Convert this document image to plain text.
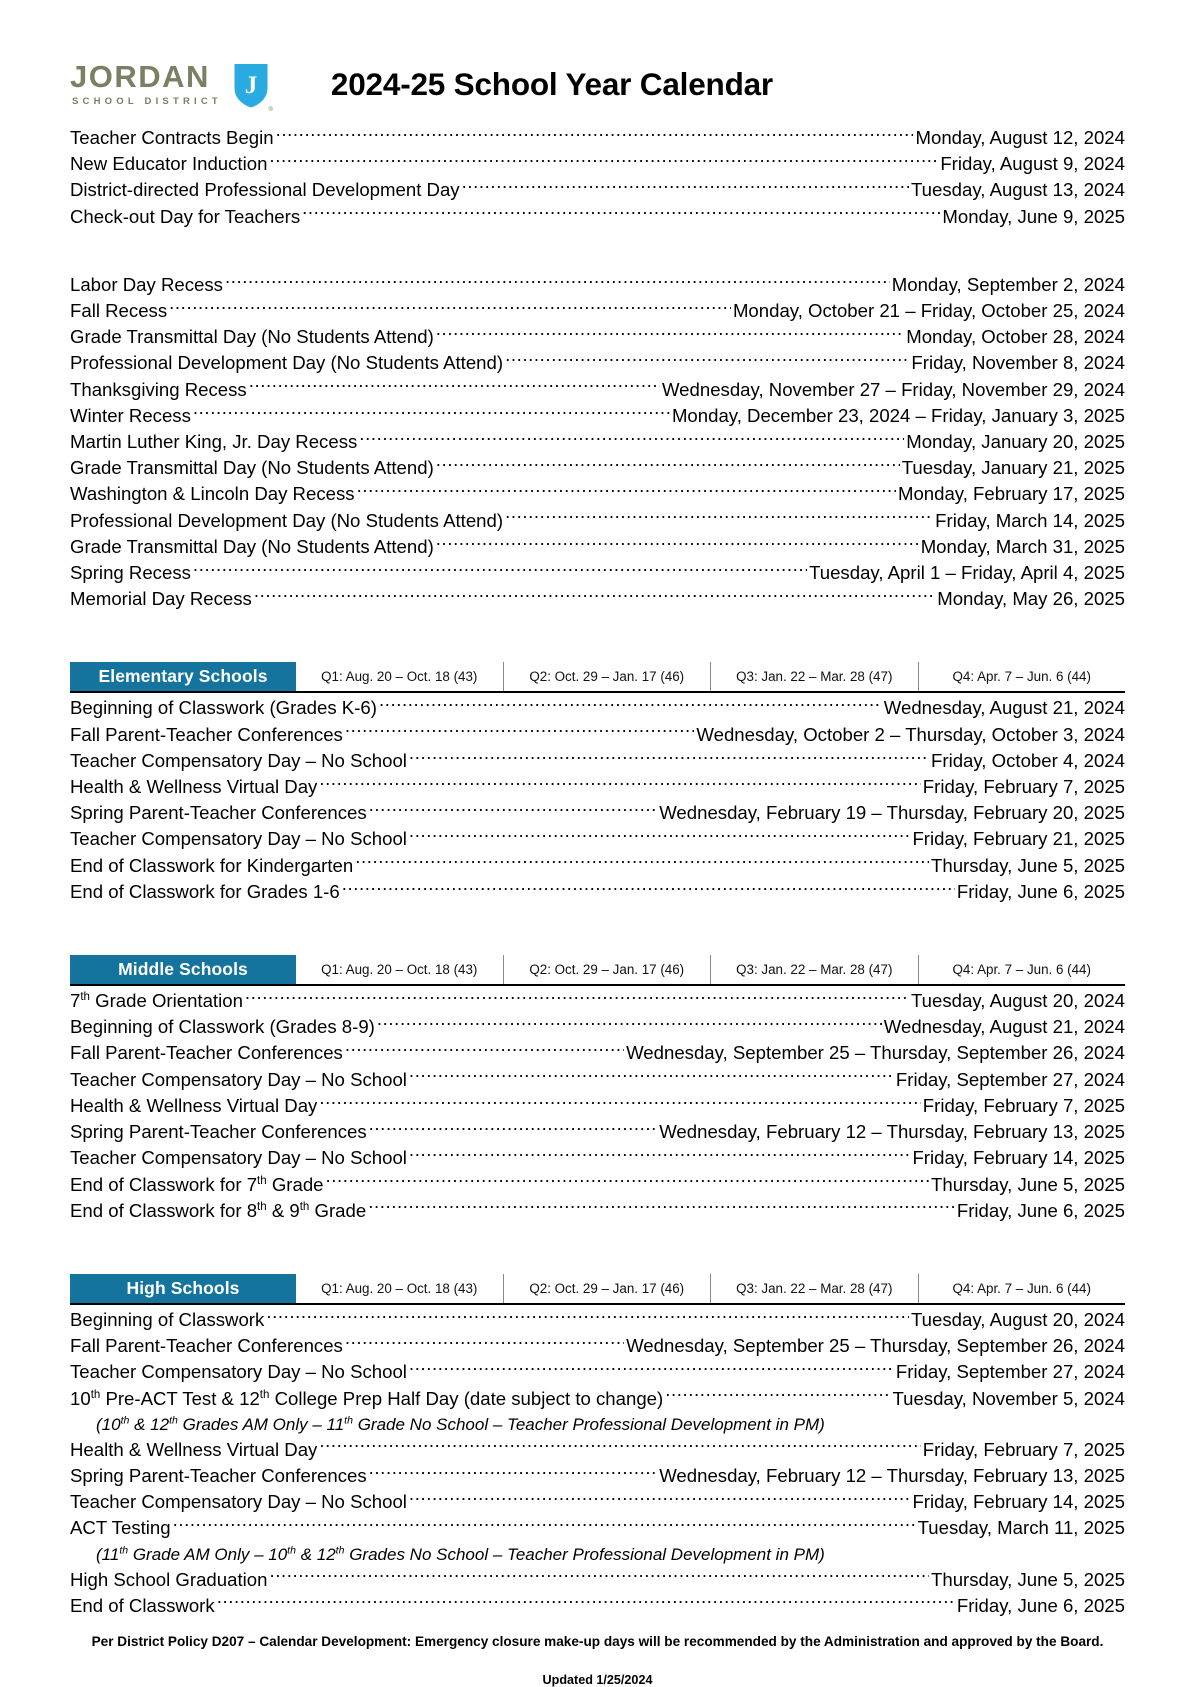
JORDAN
SCHOOL DISTRICT
J
®
2024-25 School Year Calendar
Teacher Contracts Begin .....	Monday, August 12, 2024
New Educator Induction .....	Friday, August 9, 2024
District-directed Professional Development Day .....	Tuesday, August 13, 2024
Check-out Day for Teachers .....	Monday, June 9, 2025
Labor Day Recess .....	Monday, September 2, 2024
Fall Recess .....	Monday, October 21 – Friday, October 25, 2024
Grade Transmittal Day (No Students Attend) .....	Monday, October 28, 2024
Professional Development Day (No Students Attend) .....	Friday, November 8, 2024
Thanksgiving Recess .....	Wednesday, November 27 – Friday, November 29, 2024
Winter Recess .....	Monday, December 23, 2024 – Friday, January 3, 2025
Martin Luther King, Jr. Day Recess .....	Monday, January 20, 2025
Grade Transmittal Day (No Students Attend) .....	Tuesday, January 21, 2025
Washington & Lincoln Day Recess .....	Monday, February 17, 2025
Professional Development Day (No Students Attend) .....	Friday, March 14, 2025
Grade Transmittal Day (No Students Attend) .....	Monday, March 31, 2025
Spring Recess .....	Tuesday, April 1 – Friday, April 4, 2025
Memorial Day Recess .....	Monday, May 26, 2025
Elementary Schools	Q1: Aug. 20 – Oct. 18 (43)	Q2: Oct. 29 – Jan. 17 (46)	Q3: Jan. 22 – Mar. 28 (47)	Q4: Apr. 7 – Jun. 6 (44)
Beginning of Classwork (Grades K-6) .....	Wednesday, August 21, 2024
Fall Parent-Teacher Conferences .....	Wednesday, October 2 – Thursday, October 3, 2024
Teacher Compensatory Day – No School .....	Friday, October 4, 2024
Health & Wellness Virtual Day .....	Friday, February 7, 2025
Spring Parent-Teacher Conferences .....	Wednesday, February 19 – Thursday, February 20, 2025
Teacher Compensatory Day – No School .....	Friday, February 21, 2025
End of Classwork for Kindergarten .....	Thursday, June 5, 2025
End of Classwork for Grades 1-6 .....	Friday, June 6, 2025
Middle Schools	Q1: Aug. 20 – Oct. 18 (43)	Q2: Oct. 29 – Jan. 17 (46)	Q3: Jan. 22 – Mar. 28 (47)	Q4: Apr. 7 – Jun. 6 (44)
7th Grade Orientation .....	Tuesday, August 20, 2024
Beginning of Classwork (Grades 8-9) .....	Wednesday, August 21, 2024
Fall Parent-Teacher Conferences .....	Wednesday, September 25 – Thursday, September 26, 2024
Teacher Compensatory Day – No School .....	Friday, September 27, 2024
Health & Wellness Virtual Day .....	Friday, February 7, 2025
Spring Parent-Teacher Conferences .....	Wednesday, February 12 – Thursday, February 13, 2025
Teacher Compensatory Day – No School .....	Friday, February 14, 2025
End of Classwork for 7th Grade .....	Thursday, June 5, 2025
End of Classwork for 8th & 9th Grade .....	Friday, June 6, 2025
High Schools	Q1: Aug. 20 – Oct. 18 (43)	Q2: Oct. 29 – Jan. 17 (46)	Q3: Jan. 22 – Mar. 28 (47)	Q4: Apr. 7 – Jun. 6 (44)
Beginning of Classwork .....	Tuesday, August 20, 2024
Fall Parent-Teacher Conferences .....	Wednesday, September 25 – Thursday, September 26, 2024
Teacher Compensatory Day – No School .....	Friday, September 27, 2024
10th Pre-ACT Test & 12th College Prep Half Day (date subject to change) .....	Tuesday, November 5, 2024
(10th & 12th Grades AM Only – 11th Grade No School – Teacher Professional Development in PM)
Health & Wellness Virtual Day .....	Friday, February 7, 2025
Spring Parent-Teacher Conferences .....	Wednesday, February 12 – Thursday, February 13, 2025
Teacher Compensatory Day – No School .....	Friday, February 14, 2025
ACT Testing .....	Tuesday, March 11, 2025
(11th Grade AM Only – 10th & 12th Grades No School – Teacher Professional Development in PM)
High School Graduation .....	Thursday, June 5, 2025
End of Classwork .....	Friday, June 6, 2025
Per District Policy D207 – Calendar Development: Emergency closure make-up days will be recommended by the Administration and approved by the Board.
Updated 1/25/2024
